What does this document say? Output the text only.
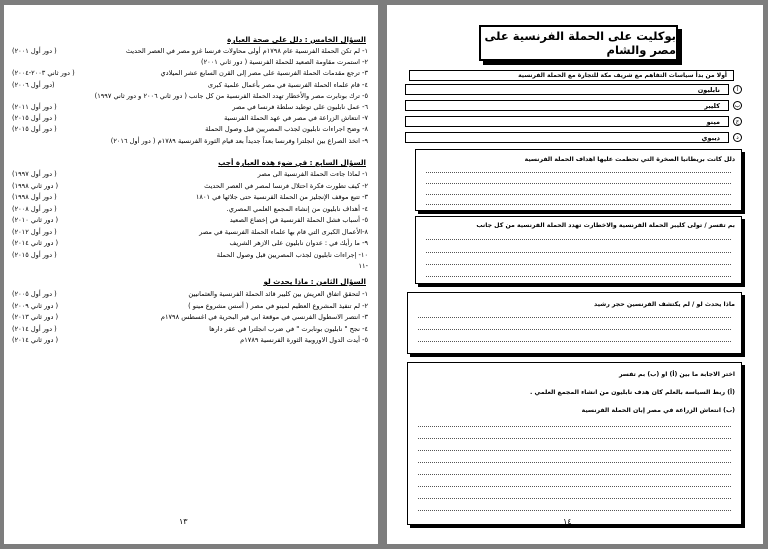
السؤال الخامس : دلل على صحة العبارة
١- لم تكن الحملة الفرنسية عام ١٧٩٨م أولى محاولات فرنسا غزو مصر في العصر الحديث
( دور أول ٢٠٠١)
٢- استمرت مقاومة الصعيد للحملة الفرنسية ( دور ثاني ٢٠٠١)
٣- ترجع مقدمات الحملة الفرنسية على مصر إلى القرن السابع عشر الميلادي
( دور ثاني ٢٠٠٣-٢٠٠٤)
٤- قام علماء الحملة الفرنسية في مصر بأعمال علمية كبرى
(دور أول ٢٠٠٦)
٥- ترك بونابرت مصر والأخطار تهدد الحملة الفرنسية من كل جانب ( دور ثاني ٢٠٠٦ و دور ثاني ١٩٩٧)
٦- عمل نابليون على توطيد سلطة فرنسا في مصر
( دور أول ٢٠١١)
٧- انتعاش الزراعة في مصر في عهد الحملة الفرنسية
( دور أول ٢٠١٥)
٨- وضح اجراءات نابليون لجذب المصريين قبل وصول الحملة
( دور أول ٢٠١٥)
٩- اتخذ الصراع بين انجلترا وفرنسا بعداً جديداً بعد قيام الثورة الفرنسية ١٧٨٩م ( دور أول ٢٠١٦)
السؤال السابع : في ضوء هذه العبارة أجب
١- لماذا جاءت الحملة الفرنسية الى مصر
( دور أول ١٩٩٧)
٢- كيف تطورت فكرة احتلال فرنسا لمصر في العصر الحديث
( دور ثاني ١٩٩٨)
٣- تتبع موقف الإنجليز من الحملة الفرنسية حتى جلائها في ١٨٠١
( دور أول ١٩٩٨)
٤- أهداف نابليون من إنشاء المجمع العلمي المصري.
( دور أول ٢٠٠٨)
٥- أسباب فشل الحملة الفرنسية في إخضاع الصعيد
( دور ثاني ٢٠١٠)
٨-الأعمال الكبرى التي قام بها علماء الحملة الفرنسية في مصر
( دور أول ٢٠١٢)
٩- ما رأيك في : عدوان نابليون على الازهر الشريف
( دور ثاني ٢٠١٤)
١٠- إجراءات نابليون لجذب المصريين قبل وصول الحملة
( دور أول ٢٠١٥)
-١١
السؤال الثامن : ماذا يحدث لو
١- لتحقق اتفاق العريش بين كليبر قائد الحملة الفرنسية والعثمانيين
( دور أول ٢٠٠٥)
٢- لم تنفيذ المشروع العظيم لمينو في مصر ( أسس مشروع مينو )
( دور ثاني ٢٠٠٩)
٣- انتصر الاسطول الفرنسي في موقعة ابي قير البحرية في اغسطس ١٧٩٨م
( دور ثاني ٢٠١٣)
٤- نجح " نابليون بونابرت " في ضرب انجلترا في عقر دارها
( دور أول ٢٠١٤)
٥- أيدت الدول الاوروبية الثورة الفرنسية ١٧٨٩م
( دور ثاني ٢٠١٤)
١٣
بوكليت على الحملة الفرنسية على مصر والشام
أولا من بدأ سياسات التفاهم مع شريف مكة للتجارة مع الحملة الفرنسية
نابليون	أ
كليبر	ب
مينو	ج
ديبوي	د
دلل كانت بريطانيا الصخرة التي تحطمت عليها اهداف الحملة الفرنسية
بم تفسر / تولى كليبر الحملة الفرنسية والاخطارت تهدد الحملة الفرنسية من كل جانب
ماذا يحدث لو / لم يكتشف الفرنسين حجر رشيد
اختر الاجابة ما بين (أ) او (ب) بم تفسر
(أ) ربط السياسة بالعلم كان هدف نابليون من انشاء المجمع العلمي .
(ب) انتعاش الزراعة في مصر إبان الحملة الفرنسية
١٤
